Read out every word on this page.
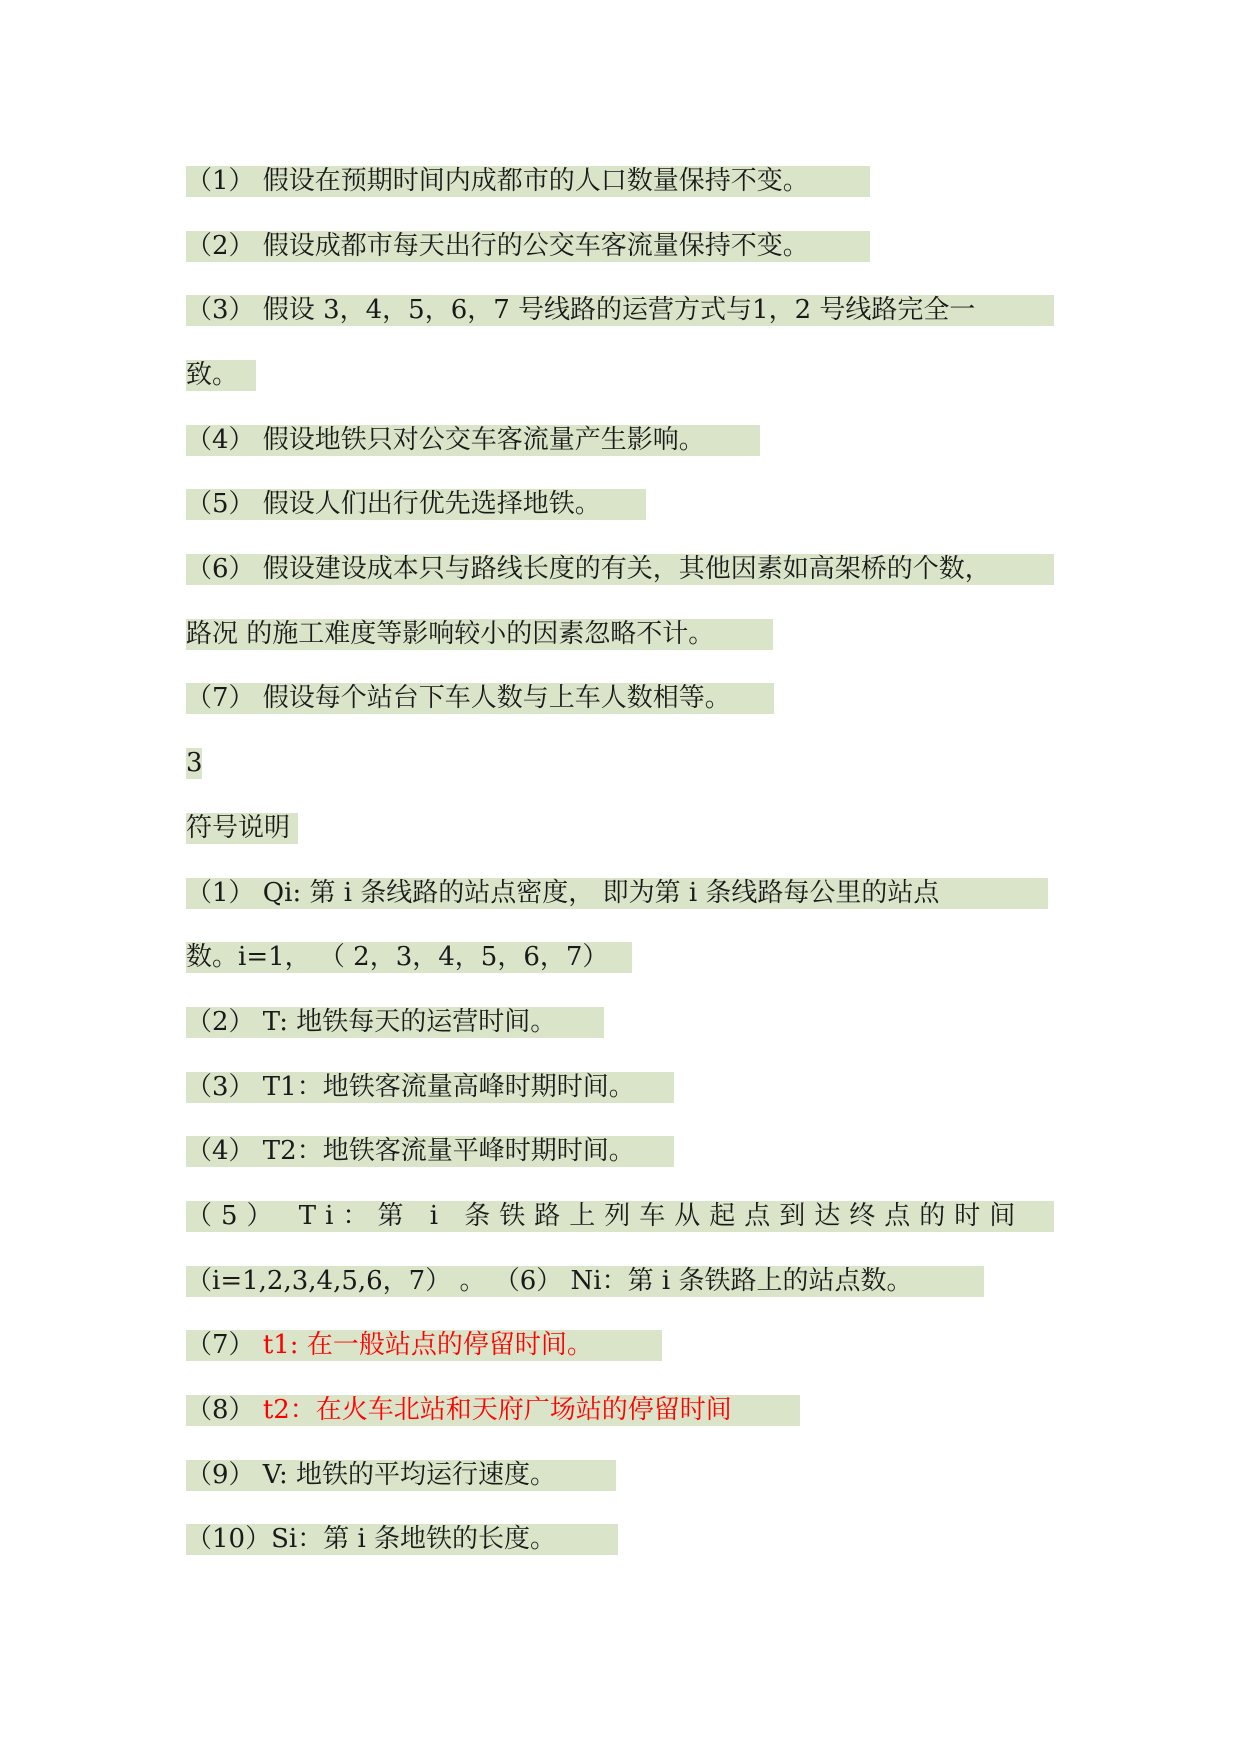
（1） 假设在预期时间内成都市的人口数量保持不变。
（2） 假设成都市每天出行的公交车客流量保持不变。
（3） 假设 3，4，5，6，7 号线路的运营方式与1，2 号线路完全一
致。
（4） 假设地铁只对公交车客流量产生影响。
（5） 假设人们出行优先选择地铁。
（6） 假设建设成本只与路线长度的有关，其他因素如高架桥的个数，
路况 的施工难度等影响较小的因素忽略不计。
（7） 假设每个站台下车人数与上车人数相等。
3
符号说明
（1） Qi: 第 i 条线路的站点密度， 即为第 i 条线路每公里的站点
数。i=1， （ 2，3，4，5，6，7）
（2） T: 地铁每天的运营时间。
（3） T1：地铁客流量高峰时期时间。
（4） T2：地铁客流量平峰时期时间。
（5） Ti：第 i 条铁路上列车从起点到达终点的时间
（i=1,2,3,4,5,6，7） 。 （6） Ni：第 i 条铁路上的站点数。
（7） t1: 在一般站点的停留时间。
（8） t2：在火车北站和天府广场站的停留时间
（9） V: 地铁的平均运行速度。
（10）Si：第 i 条地铁的长度。
